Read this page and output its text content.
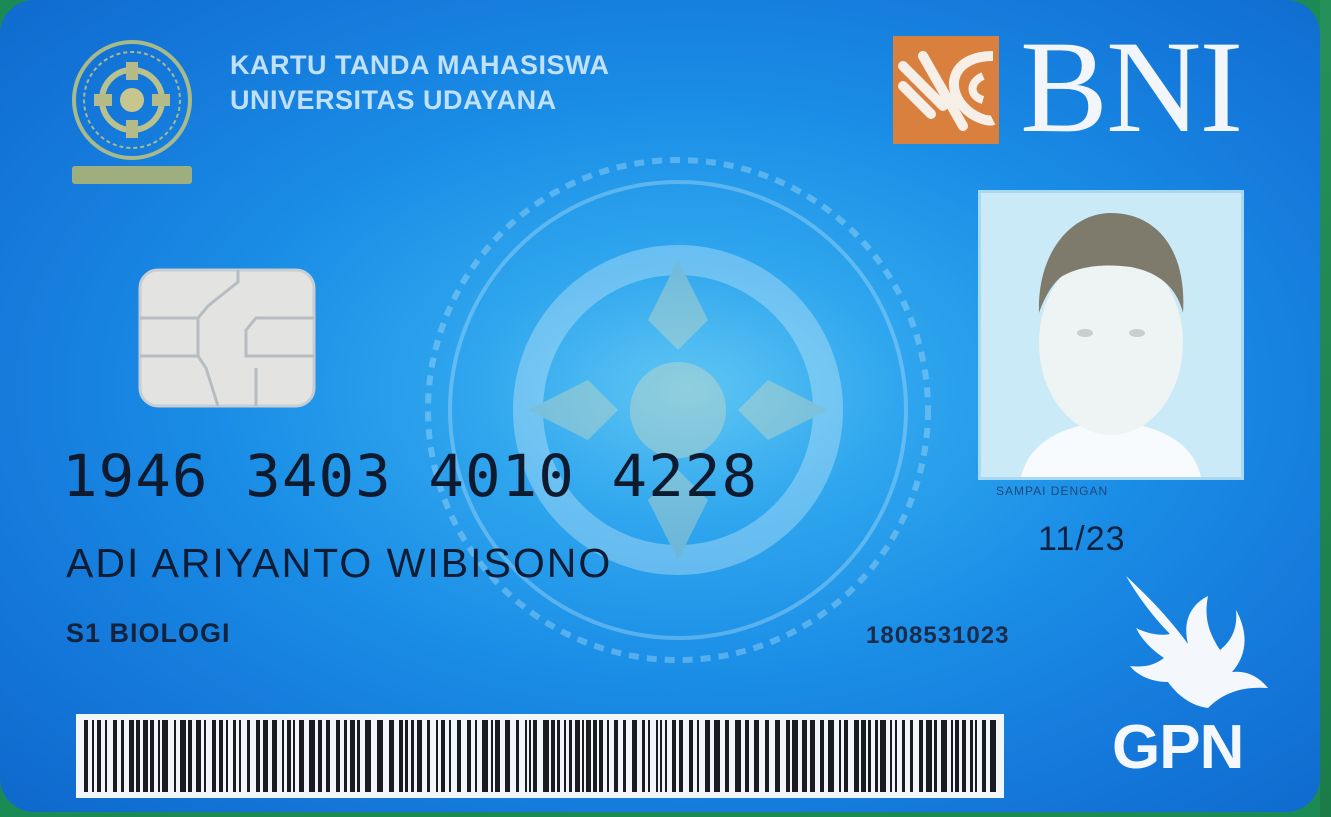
KARTU TANDA MAHASISWA
UNIVERSITAS UDAYANA	BNI
SAMPAI DENGAN
11/23
1946 3403 4010 4228
ADI ARIYANTO WIBISONO
S1 BIOLOGI	1808531023
GPN
